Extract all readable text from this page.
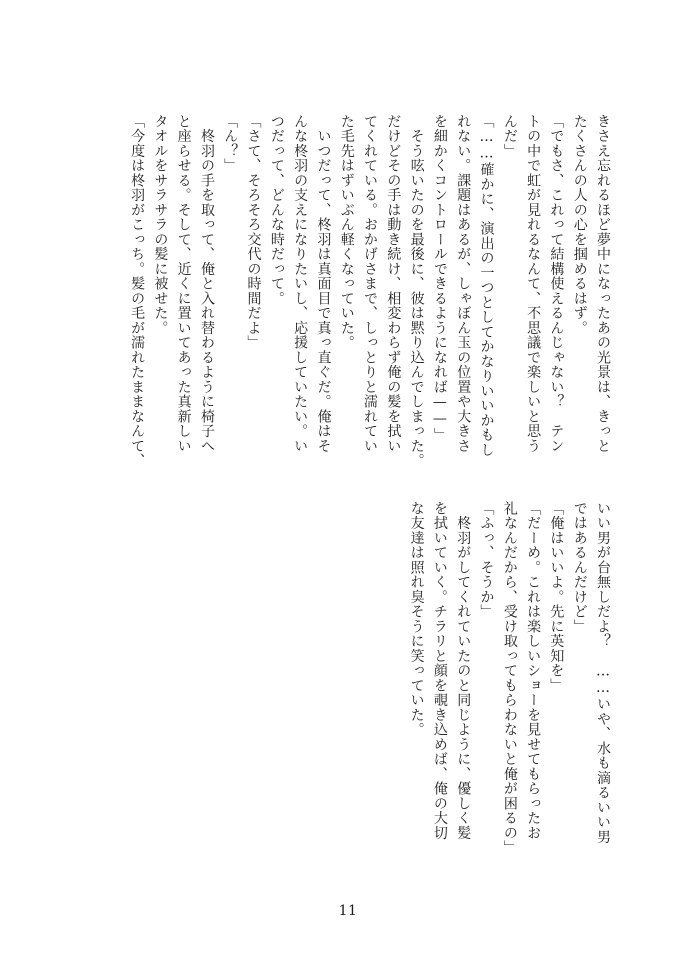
きさえ忘れるほど夢中になったあの光景は、きっと
たくさんの人の心を掴めるはず。
「でもさ、これって結構使えるんじゃない？　テン
トの中で虹が見れるなんて、不思議で楽しいと思う
んだ」
「……確かに、演出の一つとしてかなりいいかもし
れない。課題はあるが、しゃぼん玉の位置や大きさ
を細かくコントロールできるようになれば——」
　そう呟いたのを最後に、彼は黙り込んでしまった。
だけどその手は動き続け、相変わらず俺の髪を拭い
てくれている。おかげさまで、しっとりと濡れてい
た毛先はずいぶん軽くなっていた。
　いつだって、柊羽は真面目で真っ直ぐだ。俺はそ
んな柊羽の支えになりたいし、応援していたい。い
つだって、どんな時だって。
「さて、そろそろ交代の時間だよ」
「ん？」
　柊羽の手を取って、俺と入れ替わるように椅子へ
と座らせる。そして、近くに置いてあった真新しい
タオルをサラサラの髪に被せた。
「今度は柊羽がこっち。髪の毛が濡れたままなんて、
いい男が台無しだよ？　……いや、水も滴るいい男
ではあるんだけど」
「俺はいいよ。先に英知を」
「だーめ。これは楽しいショーを見せてもらったお
礼なんだから、受け取ってもらわないと俺が困るの」
「ふっ、そうか」
　柊羽がしてくれていたのと同じように、優しく髪
を拭いていく。チラリと顔を覗き込めば、俺の大切
な友達は照れ臭そうに笑っていた。
11
